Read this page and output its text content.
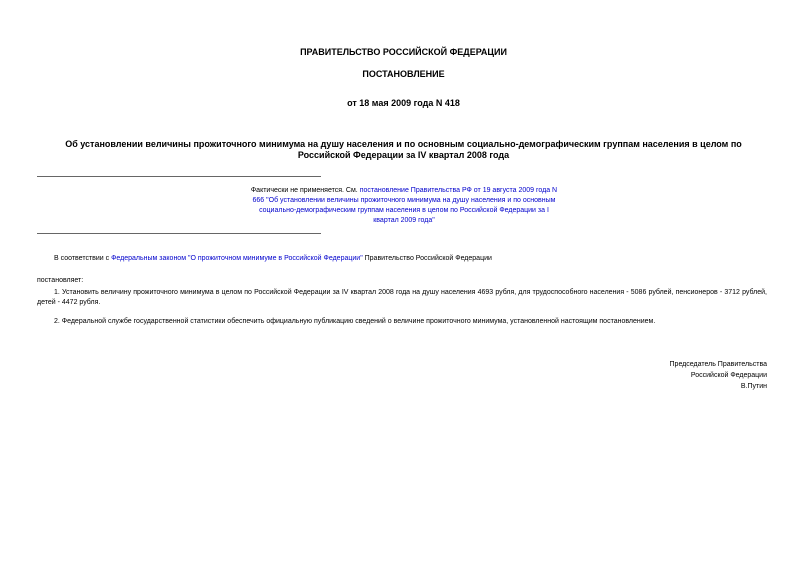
ПРАВИТЕЛЬСТВО РОССИЙСКОЙ ФЕДЕРАЦИИ
ПОСТАНОВЛЕНИЕ
от 18 мая 2009 года N 418
Об установлении величины прожиточного минимума на душу населения и по основным социально-демографическим группам населения в целом по Российской Федерации за IV квартал 2008 года
Фактически не применяется. См. постановление Правительства РФ от 19 августа 2009 года N 666 "Об установлении величины прожиточного минимума на душу населения и по основным социально-демографическим группам населения в целом по Российской Федерации за I квартал 2009 года"
В соответствии с Федеральным законом "О прожиточном минимуме в Российской Федерации" Правительство Российской Федерации
постановляет:
1. Установить величину прожиточного минимума в целом по Российской Федерации за IV квартал 2008 года на душу населения 4693 рубля, для трудоспособного населения - 5086 рублей, пенсионеров - 3712 рублей, детей - 4472 рубля.
2. Федеральной службе государственной статистики обеспечить официальную публикацию сведений о величине прожиточного минимума, установленной настоящим постановлением.
Председатель Правительства
Российской Федерации
В.Путин
